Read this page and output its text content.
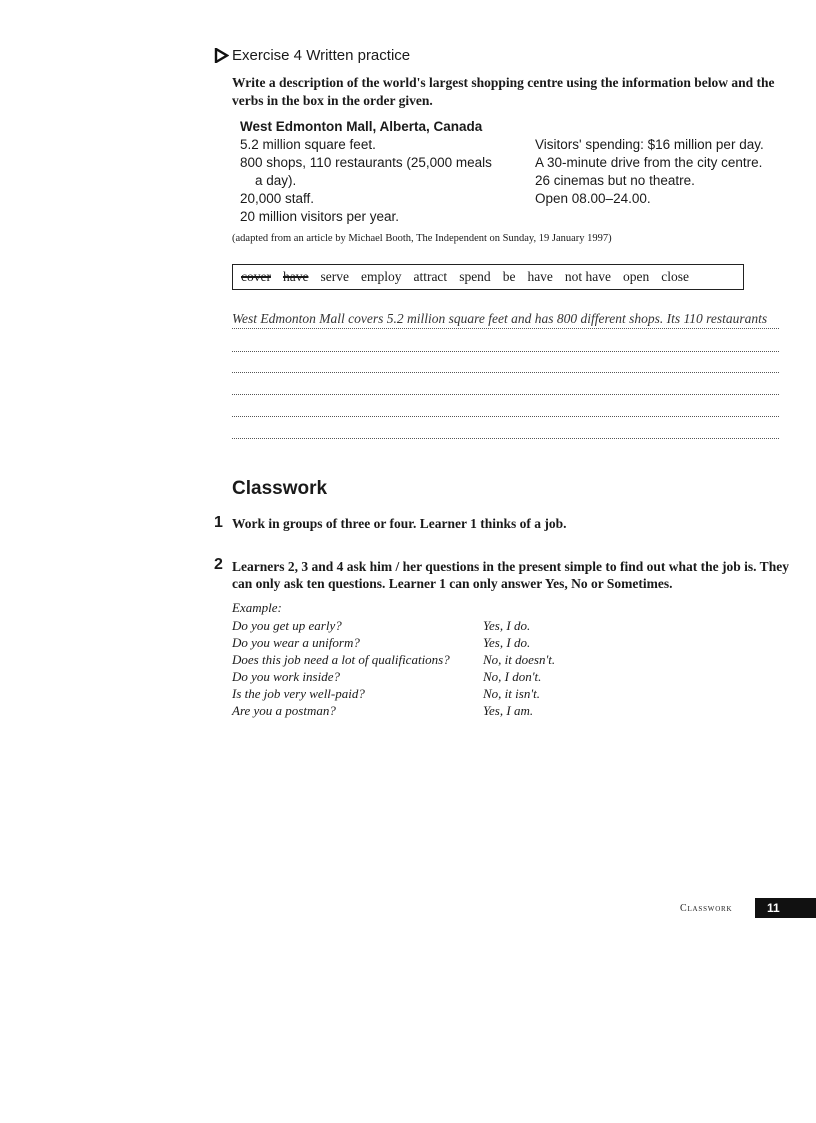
Exercise 4 Written practice
Write a description of the world's largest shopping centre using the information below and the verbs in the box in the order given.
West Edmonton Mall, Alberta, Canada
5.2 million square feet.
800 shops, 110 restaurants (25,000 meals
a day).
20,000 staff.
20 million visitors per year.
Visitors' spending: $16 million per day.
A 30-minute drive from the city centre.
26 cinemas but no theatre.
Open 08.00–24.00.
(adapted from an article by Michael Booth, The Independent on Sunday, 19 January 1997)
cover have serve employ attract spend be have not have open close
West Edmonton Mall covers 5.2 million square feet and has 800 different shops. Its 110 restaurants
Classwork
1 Work in groups of three or four. Learner 1 thinks of a job.
2 Learners 2, 3 and 4 ask him / her questions in the present simple to find out what the job is. They can only ask ten questions. Learner 1 can only answer Yes, No or Sometimes.
Example:
Do you get up early?
Do you wear a uniform?
Does this job need a lot of qualifications?
Do you work inside?
Is the job very well-paid?
Are you a postman?
Yes, I do.
Yes, I do.
No, it doesn't.
No, I don't.
No, it isn't.
Yes, I am.
Classwork	11
